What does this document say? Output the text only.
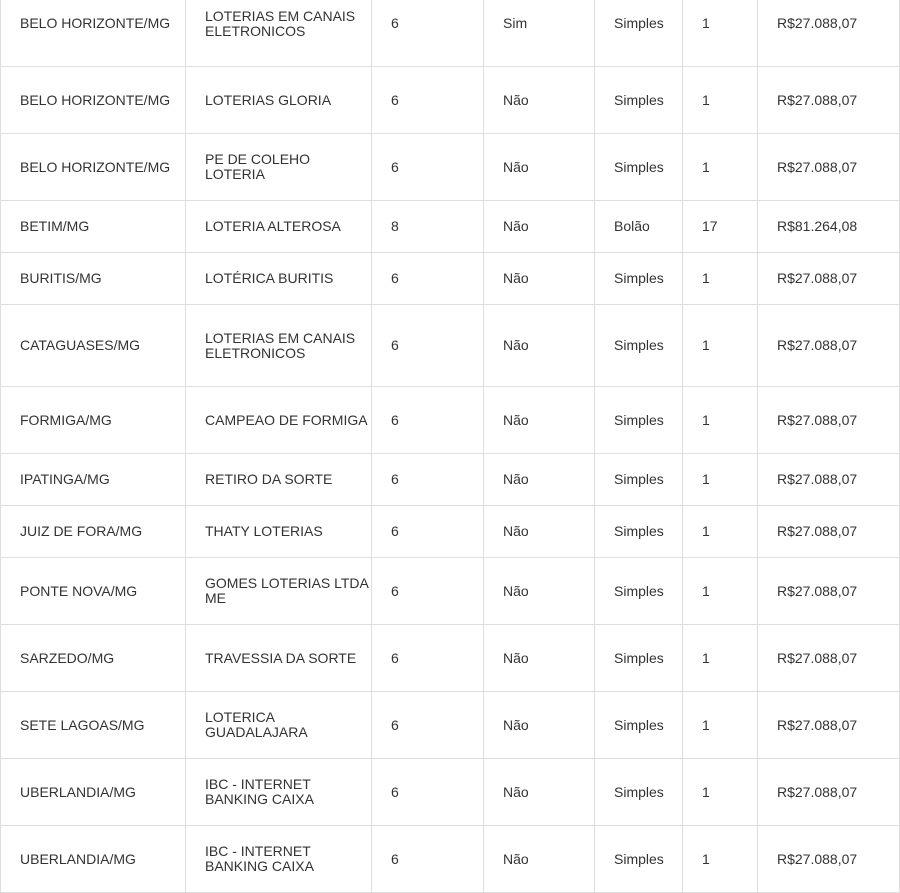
BELO HORIZONTE/MG	LOTERIAS EM CANAIS ELETRONICOS	6	Sim	Simples	1	R$27.088,07
BELO HORIZONTE/MG	LOTERIAS GLORIA	6	Não	Simples	1	R$27.088,07
BELO HORIZONTE/MG	PE DE COLEHO LOTERIA	6	Não	Simples	1	R$27.088,07
BETIM/MG	LOTERIA ALTEROSA	8	Não	Bolão	17	R$81.264,08
BURITIS/MG	LOTÉRICA BURITIS	6	Não	Simples	1	R$27.088,07
CATAGUASES/MG	LOTERIAS EM CANAIS ELETRONICOS	6	Não	Simples	1	R$27.088,07
FORMIGA/MG	CAMPEAO DE FORMIGA	6	Não	Simples	1	R$27.088,07
IPATINGA/MG	RETIRO DA SORTE	6	Não	Simples	1	R$27.088,07
JUIZ DE FORA/MG	THATY LOTERIAS	6	Não	Simples	1	R$27.088,07
PONTE NOVA/MG	GOMES LOTERIAS LTDA ME	6	Não	Simples	1	R$27.088,07
SARZEDO/MG	TRAVESSIA DA SORTE	6	Não	Simples	1	R$27.088,07
SETE LAGOAS/MG	LOTERICA GUADALAJARA	6	Não	Simples	1	R$27.088,07
UBERLANDIA/MG	IBC - INTERNET BANKING CAIXA	6	Não	Simples	1	R$27.088,07
UBERLANDIA/MG	IBC - INTERNET BANKING CAIXA	6	Não	Simples	1	R$27.088,07
